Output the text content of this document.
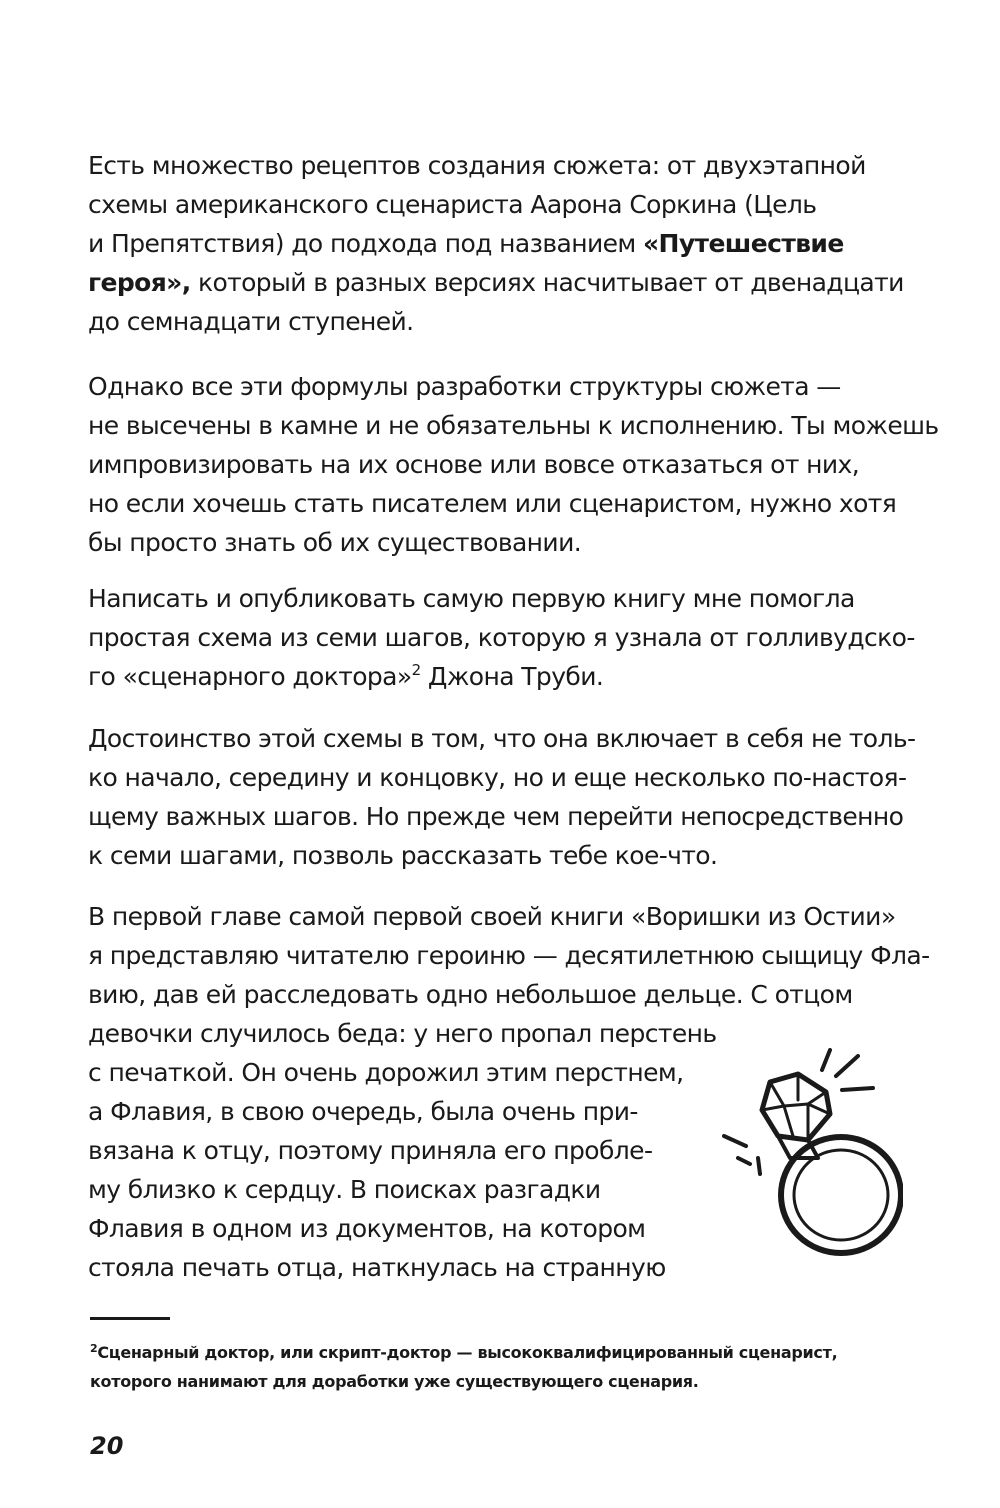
Есть множество рецептов создания сюжета: от двухэтапной
схемы американского сценариста Аарона Соркина (Цель
и Препятствия) до подхода под названием «Путешествие
героя», который в разных версиях насчитывает от двенадцати
до семнадцати ступеней.
Однако все эти формулы разработки структуры сюжета —
не высечены в камне и не обязательны к исполнению. Ты можешь
импровизировать на их основе или вовсе отказаться от них,
но если хочешь стать писателем или сценаристом, нужно хотя
бы просто знать об их существовании.
Написать и опубликовать самую первую книгу мне помогла
простая схема из семи шагов, которую я узнала от голливудско-
го «сценарного доктора»$^2$ Джона Труби.
Достоинство этой схемы в том, что она включает в себя не толь-
ко начало, середину и концовку, но и еще несколько по-настоя-
щему важных шагов. Но прежде чем перейти непосредственно
к семи шагами, позволь рассказать тебе кое-что.
В первой главе самой первой своей книги «Воришки из Остии»
я представляю читателю героиню — десятилетнюю сыщицу Фла-
вию, дав ей расследовать одно небольшое дельце. С отцом
девочки случилось беда: у него пропал перстень
с печаткой. Он очень дорожил этим перстнем,
а Флавия, в свою очередь, была очень при-
вязана к отцу, поэтому приняла его пробле-
му близко к сердцу. В поисках разгадки
Флавия в одном из документов, на котором
стояла печать отца, наткнулась на странную
$^2$Сценарный доктор, или скрипт-доктор — высококвалифицированный сценарист,
которого нанимают для доработки уже существующего сценария.
20
